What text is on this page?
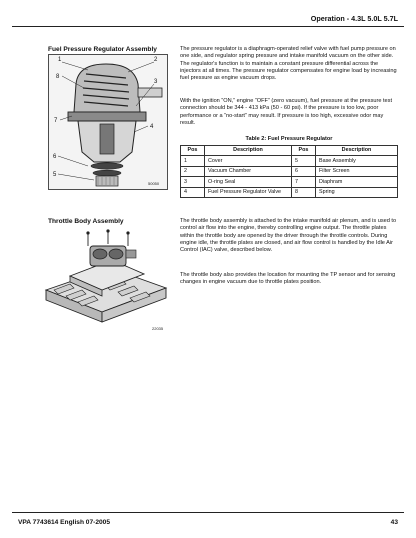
Operation - 4.3L 5.0L 5.7L
Fuel Pressure Regulator Assembly
1	2
3
4
5
6
7
8
50050

The pressure regulator is a diaphragm-operated relief valve with fuel pump pressure on one side, and regulator spring pressure and intake manifold vacuum on the other side. The regulator's function is to maintain a constant pressure differential across the injectors at all times. The pressure regulator compensates for engine load by increasing fuel pressure as engine vacuum drops.

With the ignition “ON,” engine “OFF” (zero vacuum), fuel pressure at the pressure test connection should be 344 - 413 kPa (50 - 60 psi). If the pressure is too low, poor performance or a “no-start” may result. If pressure is too high, excessive odor may result.

Table 2: Fuel Pressure Regulator
Pos	Description	Pos	Description
1	Cover	5	Base Assembly
2	Vacuum Chamber	6	Filter Screen
3	O-ring Seal	7	Diaphram
4	Fuel Pressure Regulator Valve	8	Spring
Throttle Body Assembly
22035

The throttle body assembly is attached to the intake manifold air plenum, and is used to control air flow into the engine, thereby controlling engine output. The throttle plates within the throttle body are opened by the driver through the throttle controls. During engine idle, the throttle plates are closed, and air flow control is handled by the Idle Air Control (IAC) valve, described below.

The throttle body also provides the location for mounting the TP sensor and for sensing changes in engine vacuum due to throttle plates position.

VPA 7743614 English 07-2005	43
